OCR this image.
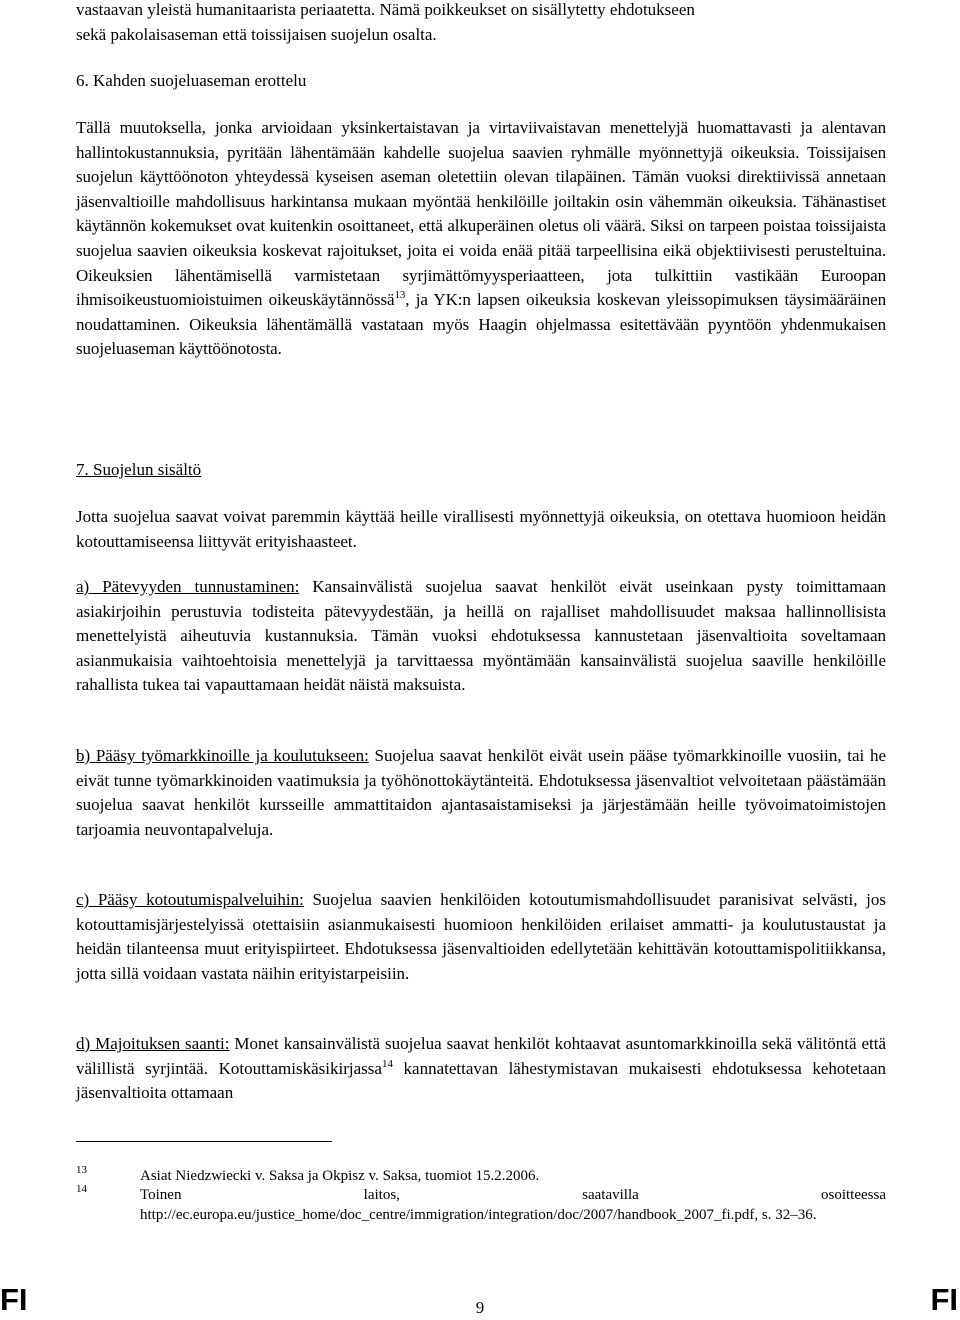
vastaavan yleistä humanitaarista periaatetta. Nämä poikkeukset on sisällytetty ehdotukseen
sekä pakolaisaseman että toissijaisen suojelun osalta.

6. Kahden suojeluaseman erottelu

Tällä muutoksella, jonka arvioidaan yksinkertaistavan ja virtaviivaistavan menettelyjä huomattavasti ja alentavan hallintokustannuksia, pyritään lähentämään kahdelle suojelua saavien ryhmälle myönnettyjä oikeuksia. Toissijaisen suojelun käyttöönoton yhteydessä kyseisen aseman oletettiin olevan tilapäinen. Tämän vuoksi direktiivissä annetaan jäsenvaltioille mahdollisuus harkintansa mukaan myöntää henkilöille joiltakin osin vähemmän oikeuksia. Tähänastiset käytännön kokemukset ovat kuitenkin osoittaneet, että alkuperäinen oletus oli väärä. Siksi on tarpeen poistaa toissijaista suojelua saavien oikeuksia koskevat rajoitukset, joita ei voida enää pitää tarpeellisina eikä objektiivisesti perusteltuina. Oikeuksien lähentämisellä varmistetaan syrjimättömyysperiaatteen, jota tulkittiin vastikään Euroopan ihmisoikeustuomioistuimen oikeuskäytännössä$^{13}$, ja YK:n lapsen oikeuksia koskevan yleissopimuksen täysimääräinen noudattaminen. Oikeuksia lähentämällä vastataan myös Haagin ohjelmassa esitettävään pyyntöön yhdenmukaisen suojeluaseman käyttöönotosta.

7. Suojelun sisältö

Jotta suojelua saavat voivat paremmin käyttää heille virallisesti myönnettyjä oikeuksia, on otettava huomioon heidän kotouttamiseensa liittyvät erityishaasteet.

a) Pätevyyden tunnustaminen: Kansainvälistä suojelua saavat henkilöt eivät useinkaan pysty toimittamaan asiakirjoihin perustuvia todisteita pätevyydestään, ja heillä on rajalliset mahdollisuudet maksaa hallinnollisista menettelyistä aiheutuvia kustannuksia. Tämän vuoksi ehdotuksessa kannustetaan jäsenvaltioita soveltamaan asianmukaisia vaihtoehtoisia menettelyjä ja tarvittaessa myöntämään kansainvälistä suojelua saaville henkilöille rahallista tukea tai vapauttamaan heidät näistä maksuista.

b) Pääsy työmarkkinoille ja koulutukseen: Suojelua saavat henkilöt eivät usein pääse työmarkkinoille vuosiin, tai he eivät tunne työmarkkinoiden vaatimuksia ja työhönottokäytänteitä. Ehdotuksessa jäsenvaltiot velvoitetaan päästämään suojelua saavat henkilöt kursseille ammattitaidon ajantasaistamiseksi ja järjestämään heille työvoimatoimistojen tarjoamia neuvontapalveluja.

c) Pääsy kotoutumispalveluihin: Suojelua saavien henkilöiden kotoutumismahdollisuudet paranisivat selvästi, jos kotouttamisjärjestelyissä otettaisiin asianmukaisesti huomioon henkilöiden erilaiset ammatti- ja koulutustaustat ja heidän tilanteensa muut erityispiirteet. Ehdotuksessa jäsenvaltioiden edellytetään kehittävän kotouttamispolitiikkansa, jotta sillä voidaan vastata näihin erityistarpeisiin.

d) Majoituksen saanti: Monet kansainvälistä suojelua saavat henkilöt kohtaavat asuntomarkkinoilla sekä välitöntä että välillistä syrjintää. Kotouttamiskäsikirjassa$^{14}$ kannatettavan lähestymistavan mukaisesti ehdotuksessa kehotetaan jäsenvaltioita ottamaan

13	Asiat Niedzwiecki v. Saksa ja Okpisz v. Saksa, tuomiot 15.2.2006.
14	Toinen laitos, saatavilla osoitteessa http://ec.europa.eu/justice_home/doc_centre/immigration/integration/doc/2007/handbook_2007_fi.pdf, s. 32–36.
FI	9	FI
